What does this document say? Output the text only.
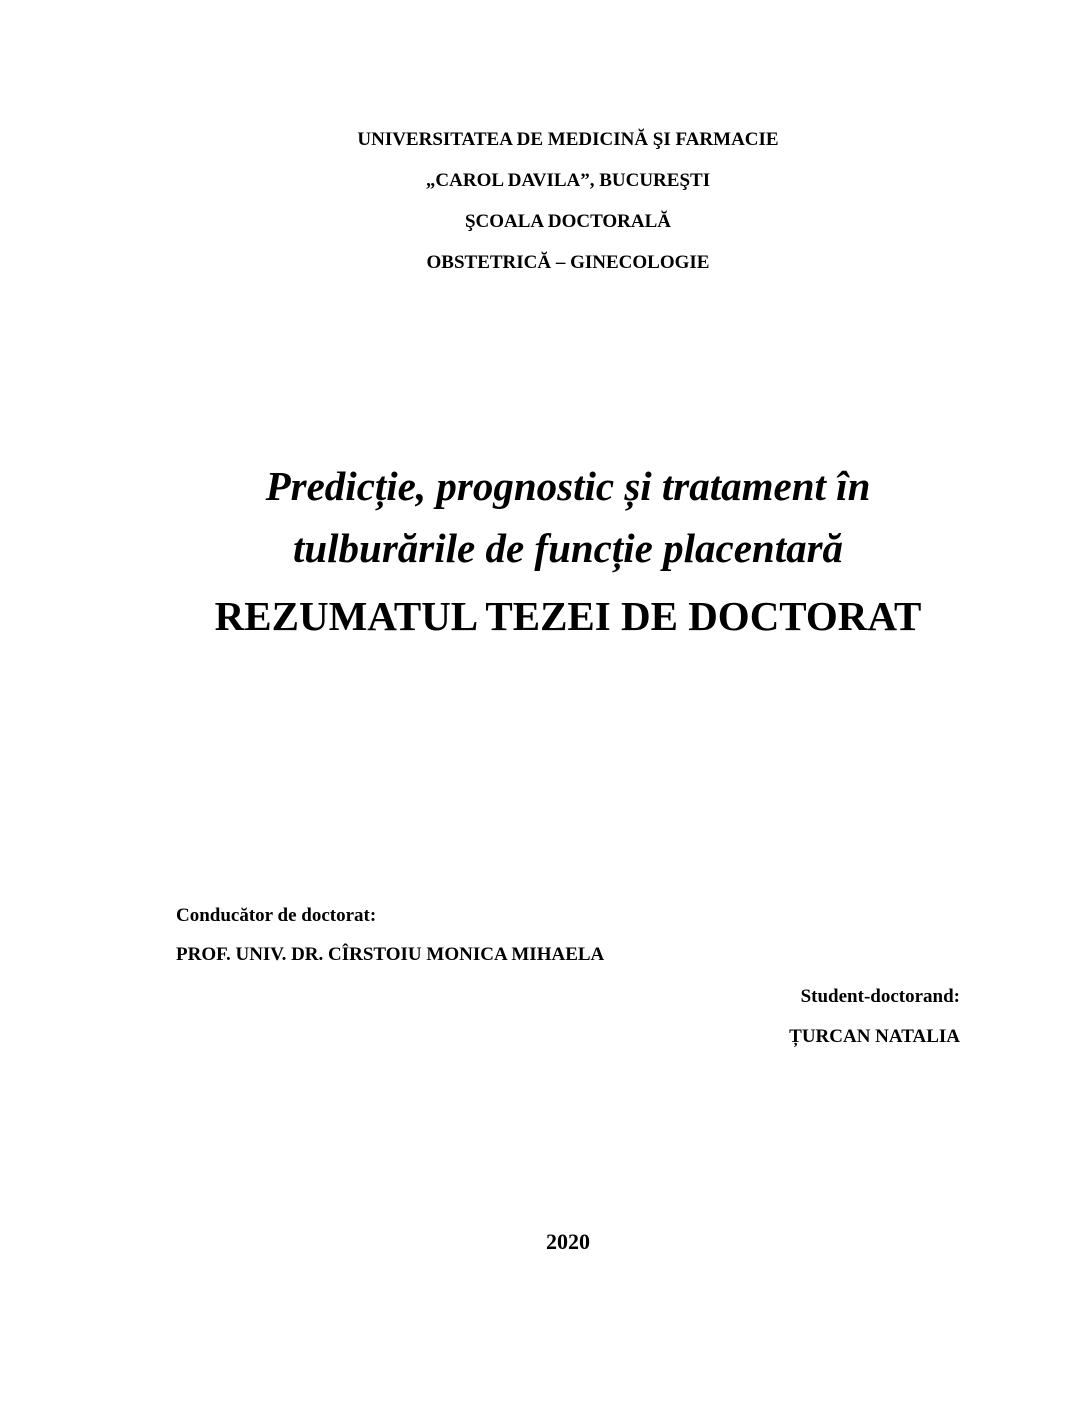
UNIVERSITATEA DE MEDICINĂ ŞI FARMACIE
„CAROL DAVILA”, BUCUREŞTI
ŞCOALA DOCTORALĂ
OBSTETRICĂ – GINECOLOGIE
Predicție, prognostic și tratament în
tulburările de funcție placentară
REZUMATUL TEZEI DE DOCTORAT
Conducător de doctorat:
PROF. UNIV. DR. CÎRSTOIU MONICA MIHAELA
Student-doctorand:
ȚURCAN NATALIA
2020
